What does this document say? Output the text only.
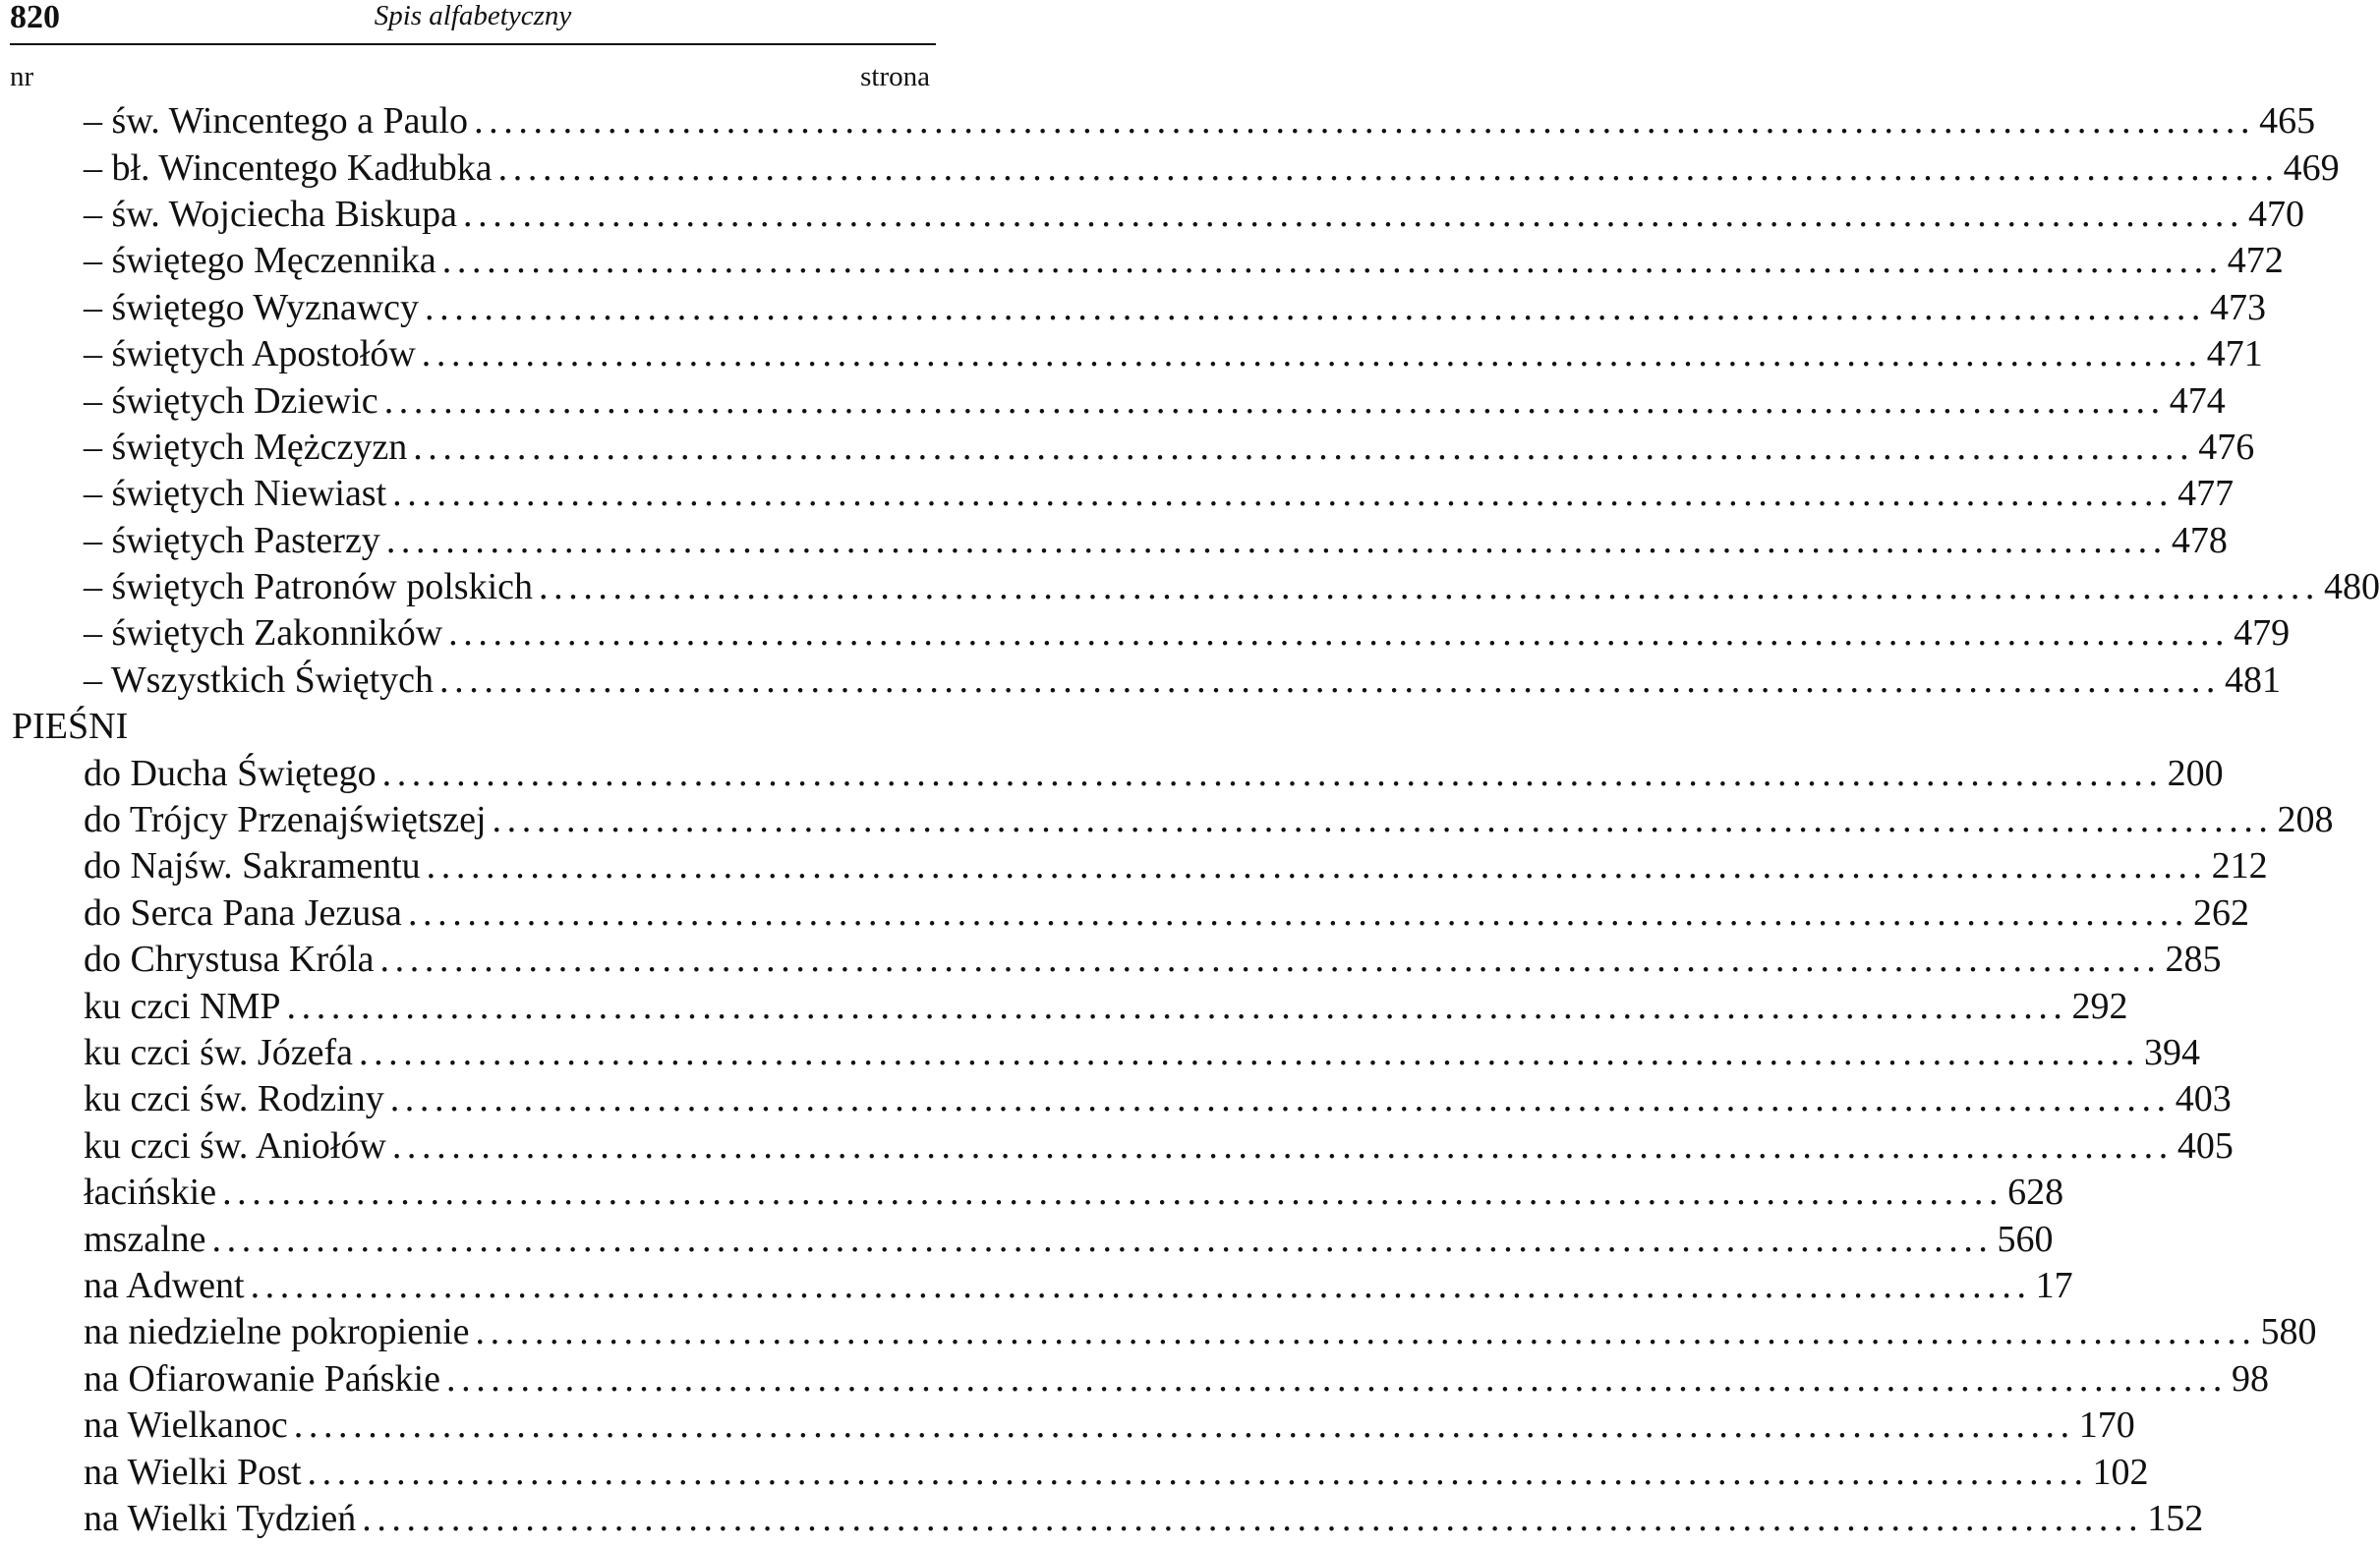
820	Spis alfabetyczny
nr	strona
– św. Wincentego a Paulo ........................................................................................................................ 465
– bł. Wincentego Kadłubka ........................................................................................................................ 469
– św. Wojciecha Biskupa ........................................................................................................................ 470
– świętego Męczennika ........................................................................................................................ 472
– świętego Wyznawcy ........................................................................................................................ 473
– świętych Apostołów ........................................................................................................................ 471
– świętych Dziewic ........................................................................................................................ 474
– świętych Mężczyzn ........................................................................................................................ 476
– świętych Niewiast ........................................................................................................................ 477
– świętych Pasterzy ........................................................................................................................ 478
– świętych Patronów polskich ........................................................................................................................ 480
– świętych Zakonników ........................................................................................................................ 479
– Wszystkich Świętych ........................................................................................................................ 481
PIEŚNI
do Ducha Świętego ........................................................................................................................ 200
do Trójcy Przenajświętszej ........................................................................................................................ 208
do Najśw. Sakramentu ........................................................................................................................ 212
do Serca Pana Jezusa ........................................................................................................................ 262
do Chrystusa Króla ........................................................................................................................ 285
ku czci NMP ........................................................................................................................ 292
ku czci św. Józefa ........................................................................................................................ 394
ku czci św. Rodziny ........................................................................................................................ 403
ku czci św. Aniołów ........................................................................................................................ 405
łacińskie ........................................................................................................................ 628
mszalne ........................................................................................................................ 560
na Adwent ........................................................................................................................ 17
na niedzielne pokropienie ........................................................................................................................ 580
na Ofiarowanie Pańskie ........................................................................................................................ 98
na Wielkanoc ........................................................................................................................ 170
na Wielki Post ........................................................................................................................ 102
na Wielki Tydzień ........................................................................................................................ 152
